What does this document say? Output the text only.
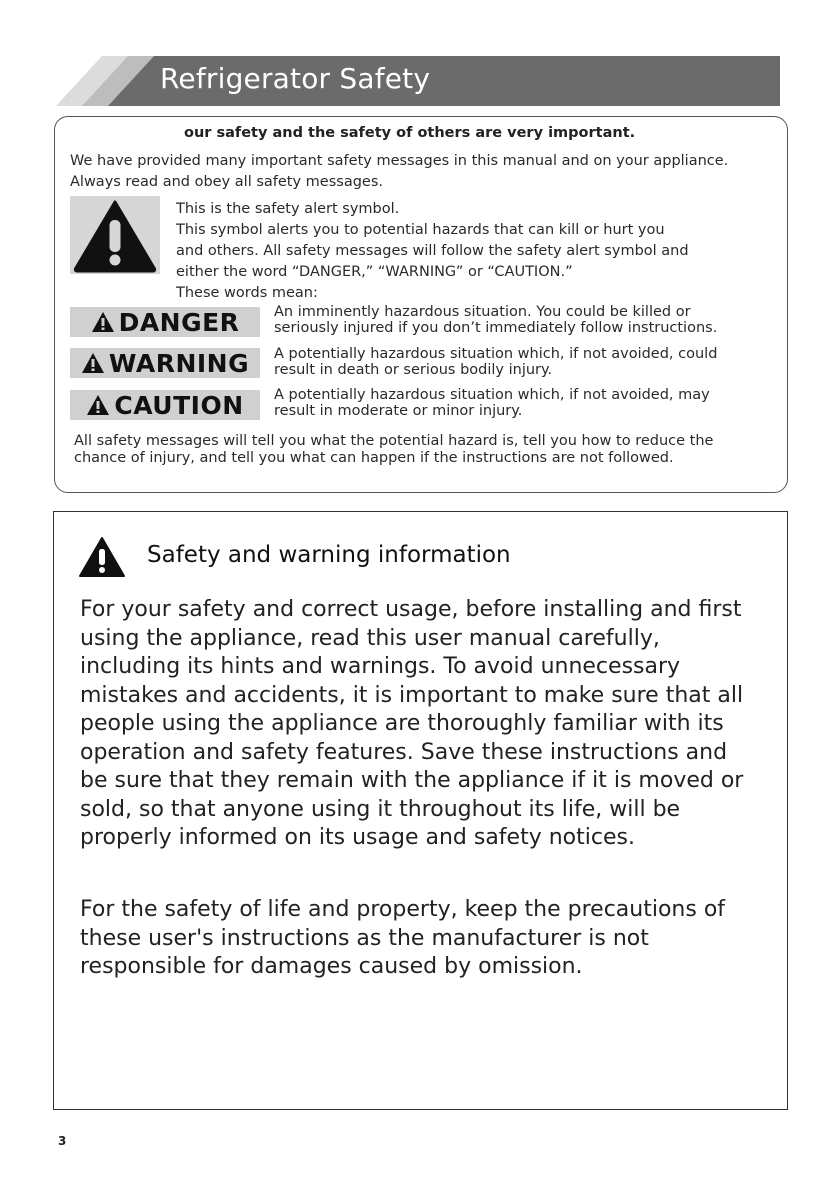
Refrigerator Safety
our safety and the safety of others are very important.
We have provided many important safety messages in this manual and on your appliance. Always read and obey all safety messages.
This is the safety alert symbol.
This symbol alerts you to potential hazards that can kill or hurt you
and others. All safety messages will follow the safety alert symbol and
either the word “DANGER,” “WARNING” or “CAUTION.”
These words mean:
DANGER An imminently hazardous situation. You could be killed or seriously injured if you don’t immediately follow instructions.
WARNING A potentially hazardous situation which, if not avoided, could result in death or serious bodily injury.
CAUTION A potentially hazardous situation which, if not avoided, may result in moderate or minor injury.
All safety messages will tell you what the potential hazard is, tell you how to reduce the chance of injury, and tell you what can happen if the instructions are not followed.
Safety and warning information
For your safety and correct usage, before installing and first using the appliance, read this user manual carefully, including its hints and warnings. To avoid unnecessary mistakes and accidents, it is important to make sure that all people using the appliance are thoroughly familiar with its operation and safety features. Save these instructions and be sure that they remain with the appliance if it is moved or sold, so that anyone using it throughout its life, will be properly informed on its usage and safety notices.
For the safety of life and property, keep the precautions of these user's instructions as the manufacturer is not responsible for damages caused by omission.
3
